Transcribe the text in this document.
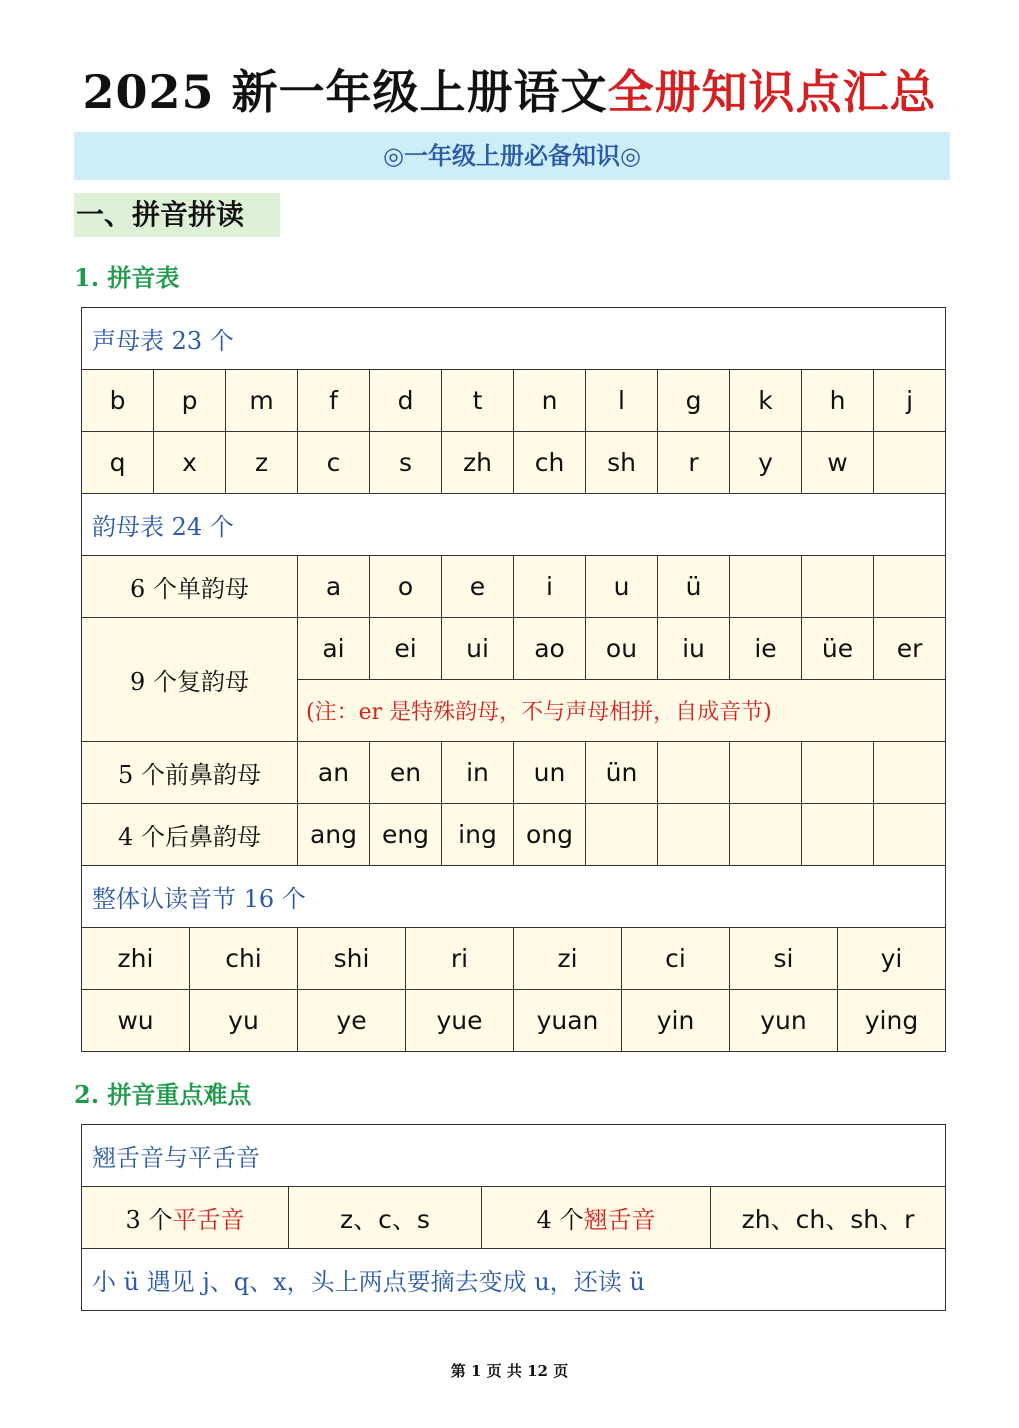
2025 新一年级上册语文全册知识点汇总
◎一年级上册必备知识◎
一、拼音拼读
1. 拼音表
声母表 23 个											
b	p	m	f	d	t	n	l	g	k	h	j
q	x	z	c	s	zh	ch	sh	r	y	w	
韵母表 24 个											
6 个单韵母			a	o	e	i	u	ü			
9 个复韵母			ai	ei	ui	ao	ou	iu	ie	üe	er
			(注：er 是特殊韵母，不与声母相拼，自成音节)								
5 个前鼻韵母			an	en	in	un	ün				
4 个后鼻韵母			ang	eng	ing	ong					
整体认读音节 16 个											
zhi	chi	shi	ri	zi	ci	si	yi
wu	yu	ye	yue	yuan	yin	yun	ying
2. 拼音重点难点
翘舌音与平舌音
3 个平舌音	z、c、s	4 个翘舌音	zh、ch、sh、r
小 ü 遇见 j、q、x，头上两点要摘去变成 u，还读 ü
第 1 页 共 12 页
